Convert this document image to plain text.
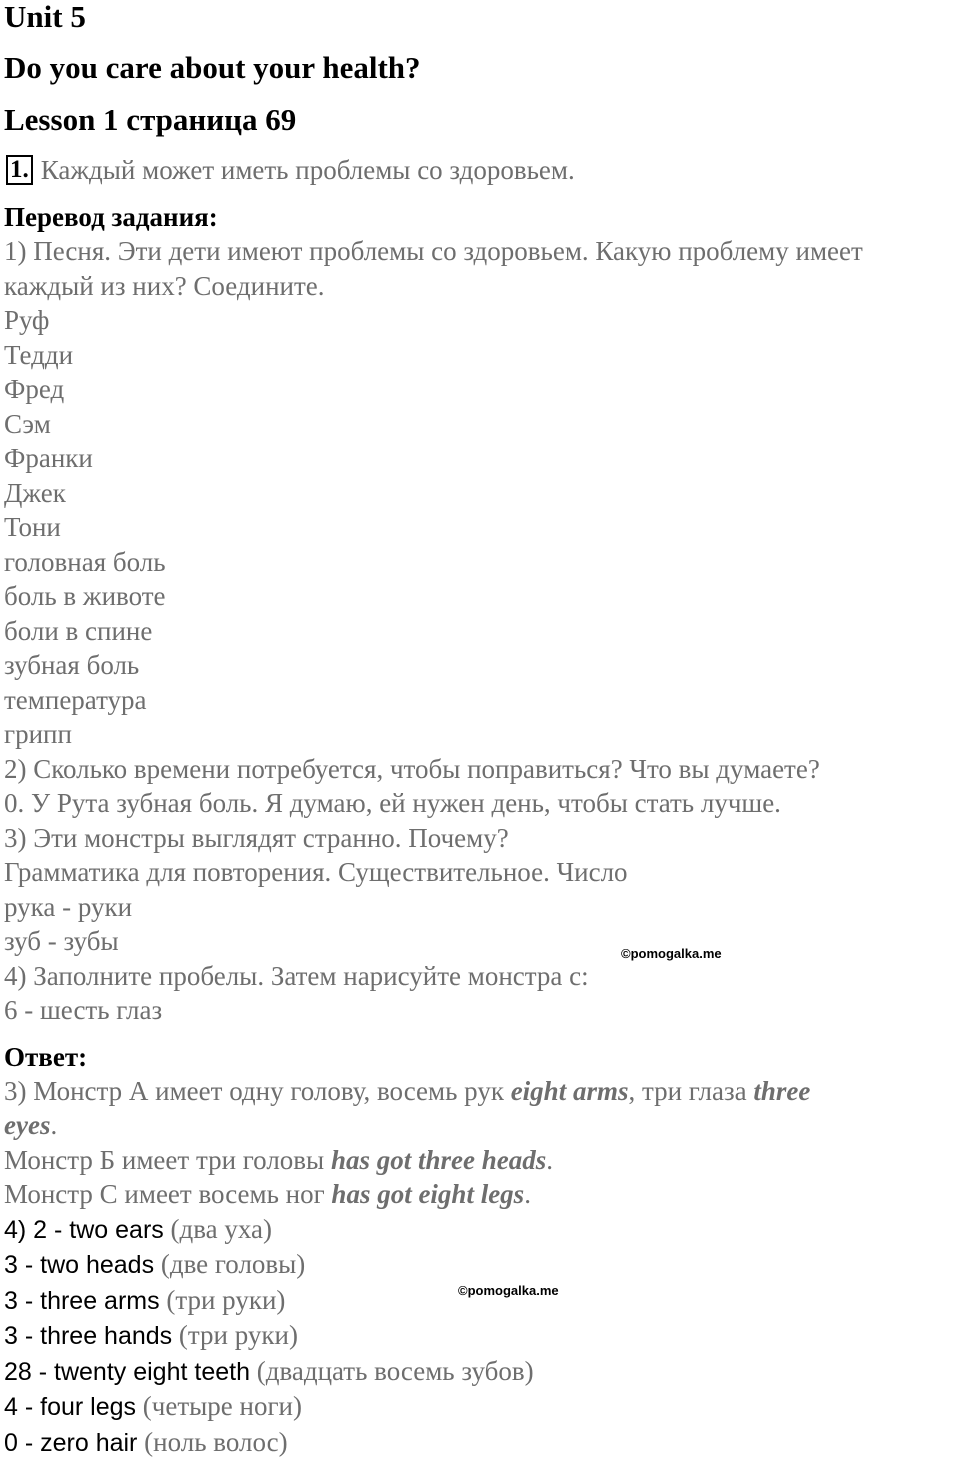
Unit 5
Do you care about your health?
Lesson 1 страница 69
1. Каждый может иметь проблемы со здоровьем.
Перевод задания:
1) Песня. Эти дети имеют проблемы со здоровьем. Какую проблему имеет
каждый из них? Соедините.
Руф
Тедди
Фред
Сэм
Франки
Джек
Тони
головная боль
боль в животе
боли в спине
зубная боль
температура
грипп
2) Сколько времени потребуется, чтобы поправиться? Что вы думаете?
0. У Рута зубная боль. Я думаю, ей нужен день, чтобы стать лучше.
3) Эти монстры выглядят странно. Почему?
Грамматика для повторения. Существительное. Число
рука - руки
зуб - зубы
4) Заполните пробелы. Затем нарисуйте монстра с:
6 - шесть глаз
Ответ:
3) Монстр А имеет одну голову, восемь рук eight arms, три глаза three
eyes.
Монстр Б имеет три головы has got three heads.
Монстр С имеет восемь ног has got eight legs.
4) 2 - two ears (два уха)
3 - two heads (две головы)
3 - three arms (три руки)
3 - three hands (три руки)
28 - twenty eight teeth (двадцать восемь зубов)
4 - four legs (четыре ноги)
0 - zero hair (ноль волос)
©pomogalka.me
©pomogalka.me
